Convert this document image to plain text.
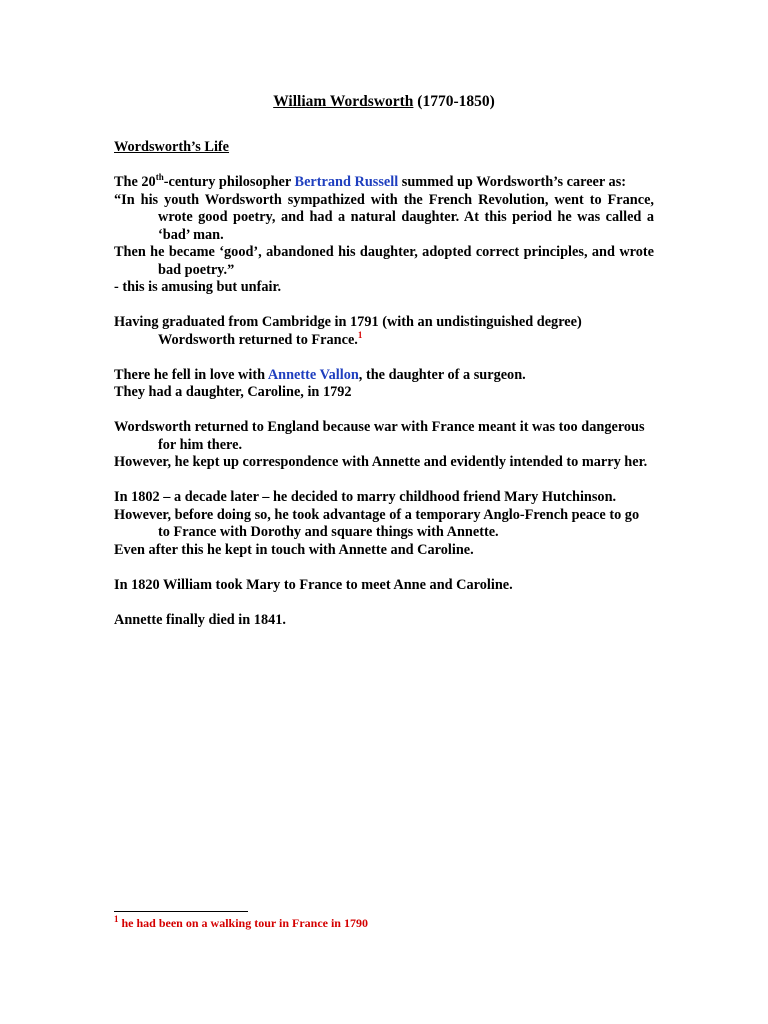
William Wordsworth (1770-1850)

Wordsworth’s Life

The 20th-century philosopher Bertrand Russell summed up Wordsworth’s career as:

“In his youth Wordsworth sympathized with the French Revolution, went to France, wrote good poetry, and had a natural daughter. At this period he was called a ‘bad’ man.

Then he became ‘good’, abandoned his daughter, adopted correct principles, and wrote bad poetry.”

- this is amusing but unfair.

Having graduated from Cambridge in 1791 (with an undistinguished degree) Wordsworth returned to France.$^1$

There he fell in love with Annette Vallon, the daughter of a surgeon.

They had a daughter, Caroline, in 1792

Wordsworth returned to England because war with France meant it was too dangerous for him there.

However, he kept up correspondence with Annette and evidently intended to marry her.

In 1802 – a decade later – he decided to marry childhood friend Mary Hutchinson.

However, before doing so, he took advantage of a temporary Anglo-French peace to go to France with Dorothy and square things with Annette.

Even after this he kept in touch with Annette and Caroline.

In 1820 William took Mary to France to meet Anne and Caroline.

Annette finally died in 1841.

$^1$ he had been on a walking tour in France in 1790
